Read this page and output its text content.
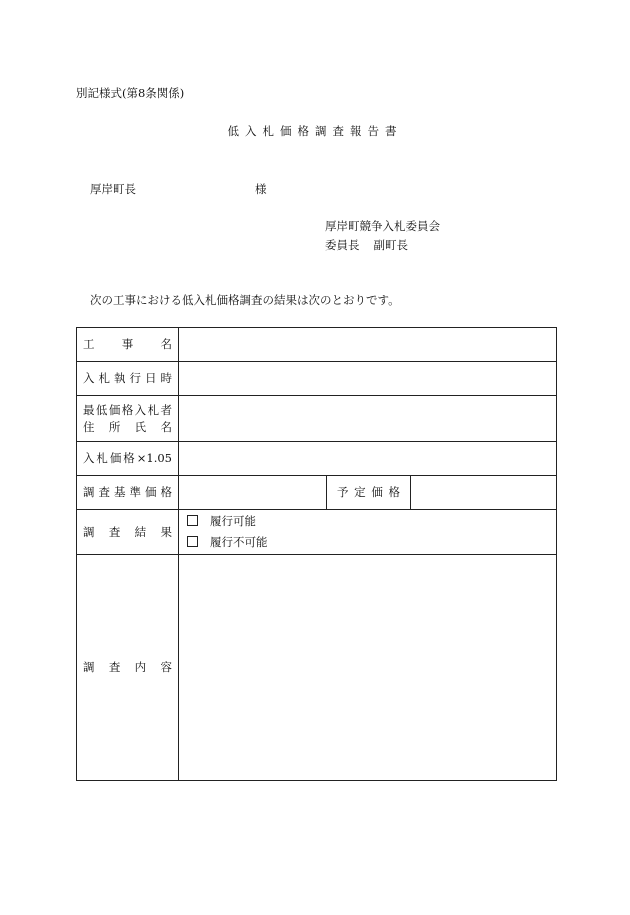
別記様式(第8条関係)
低入札価格調査報告書
厚岸町長	様
厚岸町競争入札委員会
委員長 副町長
次の工事における低入札価格調査の結果は次のとおりです。
工事名			

入札執行日時			

最低価格入札者
住所氏名			

入札価格×1.05			

調査基準価格		予定価格	

調査結果	履行可能
履行不可能		

調査内容			
